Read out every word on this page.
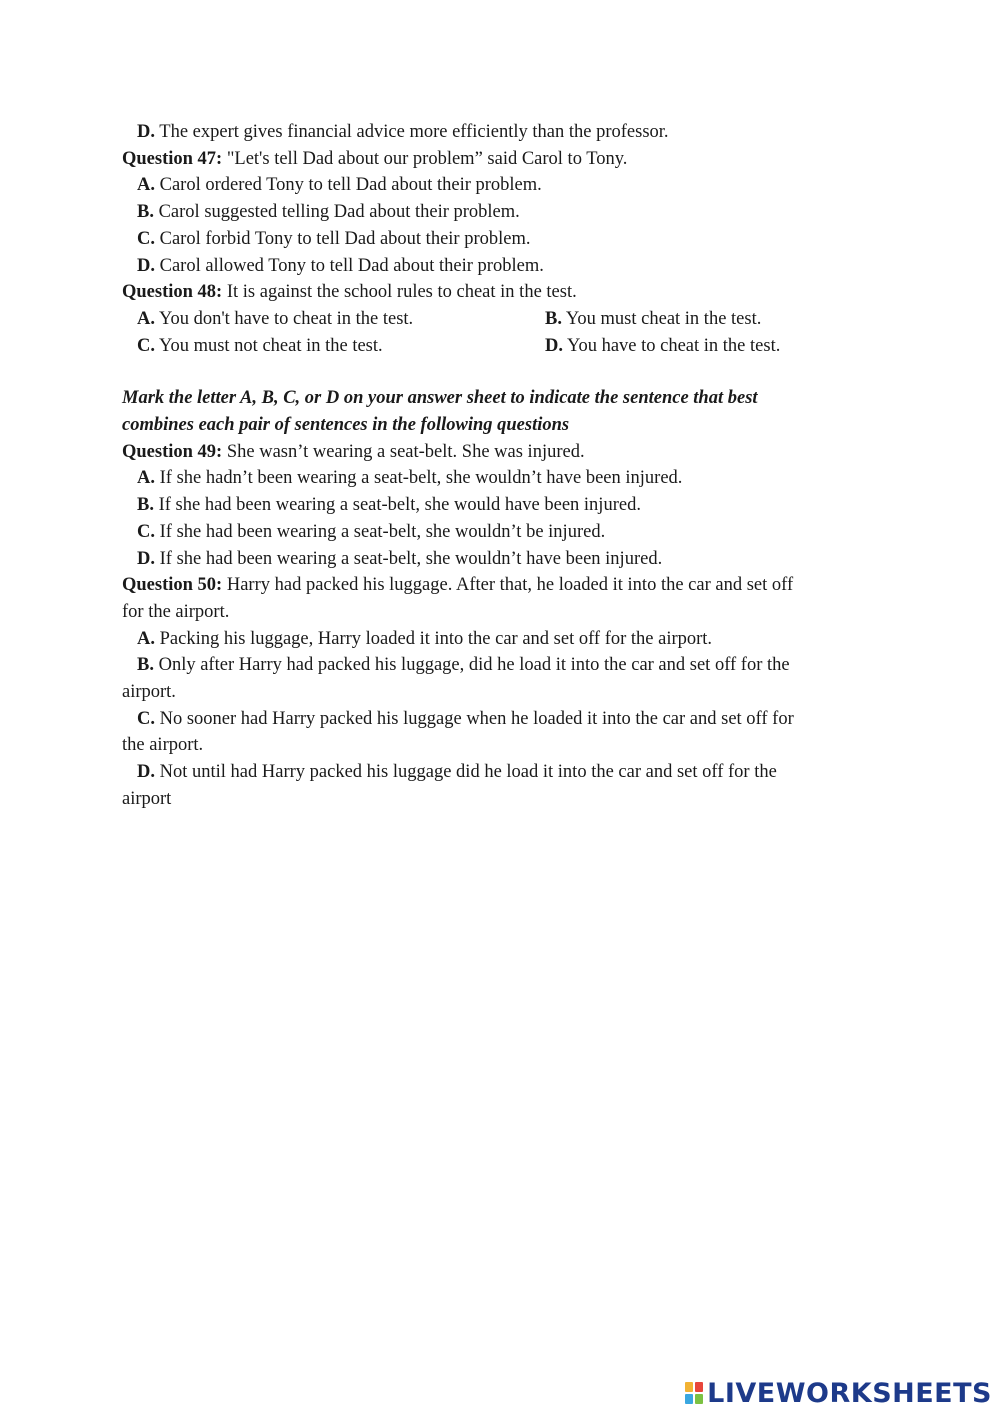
D. The expert gives financial advice more efficiently than the professor.
Question 47: "Let's tell Dad about our problem” said Carol to Tony.
A. Carol ordered Tony to tell Dad about their problem.
B. Carol suggested telling Dad about their problem.
C. Carol forbid Tony to tell Dad about their problem.
D. Carol allowed Tony to tell Dad about their problem.
Question 48: It is against the school rules to cheat in the test.
A. You don't have to cheat in the test.	B. You must cheat in the test.
C. You must not cheat in the test.	D. You have to cheat in the test.
Mark the letter A, B, C, or D on your answer sheet to indicate the sentence that best
combines each pair of sentences in the following questions
Question 49: She wasn’t wearing a seat-belt. She was injured.
A. If she hadn’t been wearing a seat-belt, she wouldn’t have been injured.
B. If she had been wearing a seat-belt, she would have been injured.
C. If she had been wearing a seat-belt, she wouldn’t be injured.
D. If she had been wearing a seat-belt, she wouldn’t have been injured.
Question 50: Harry had packed his luggage. After that, he loaded it into the car and set off
for the airport.
A. Packing his luggage, Harry loaded it into the car and set off for the airport.
B. Only after Harry had packed his luggage, did he load it into the car and set off for the
airport.
C. No sooner had Harry packed his luggage when he loaded it into the car and set off for
the airport.
D. Not until had Harry packed his luggage did he load it into the car and set off for the
airport
LIVEWORKSHEETS
